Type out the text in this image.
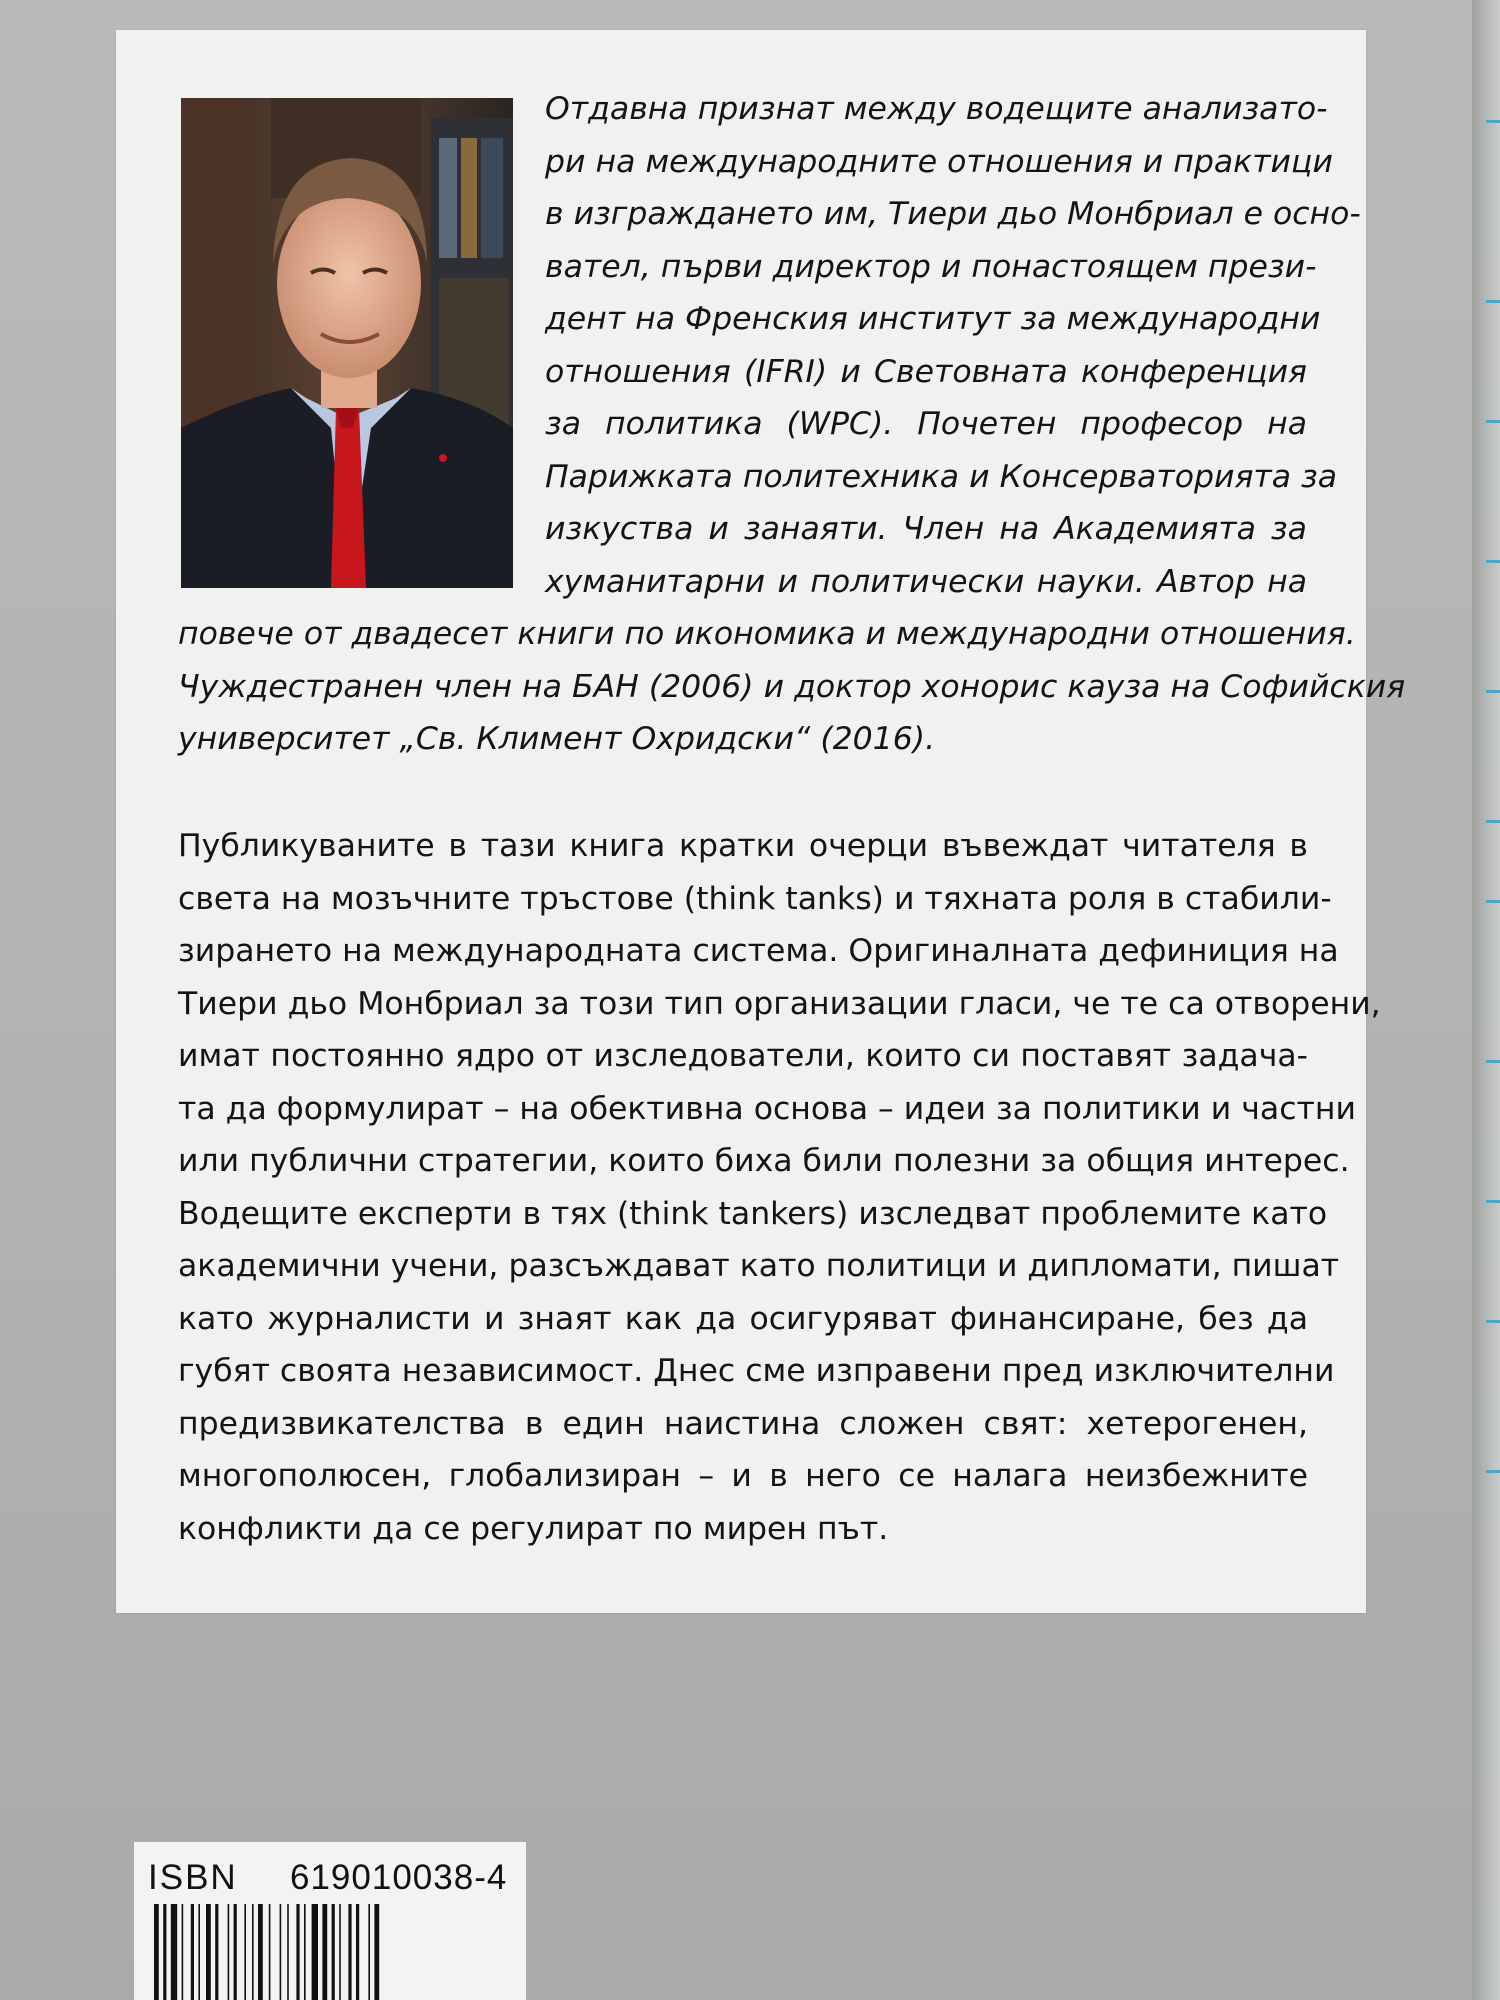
Отдавна признат между водещите анализато-
ри на международните отношения и практици
в изграждането им, Тиери дьо Монбриал е осно-
вател, първи директор и понастоящем прези-
дент на Френския институт за международни
отношения (IFRI) и Световната конференция
за политика (WPC). Почетен професор на
Парижката политехника и Консерваторията за
изкуства и занаяти. Член на Академията за
хуманитарни и политически науки. Автор на
повече от двадесет книги по икономика и международни отношения.
Чуждестранен член на БАН (2006) и доктор хонорис кауза на Софийския
университет „Св. Климент Охридски“ (2016).
Публикуваните в тази книга кратки очерци въвеждат читателя в
света на мозъчните тръстове (think tanks) и тяхната роля в стабили-
зирането на международната система. Оригиналната дефиниция на
Тиери дьо Монбриал за този тип организации гласи, че те са отворени,
имат постоянно ядро от изследователи, които си поставят задача-
та да формулират – на обективна основа – идеи за политики и частни
или публични стратегии, които биха били полезни за общия интерес.
Водещите експерти в тях (think tankers) изследват проблемите като
академични учени, разсъждават като политици и дипломати, пишат
като журналисти и знаят как да осигуряват финансиране, без да
губят своята независимост. Днес сме изправени пред изключителни
предизвикателства в един наистина сложен свят: хетерогенен,
многополюсен, глобализиран – и в него се налага неизбежните
конфликти да се регулират по мирен път.
ISBN 619010038-4
